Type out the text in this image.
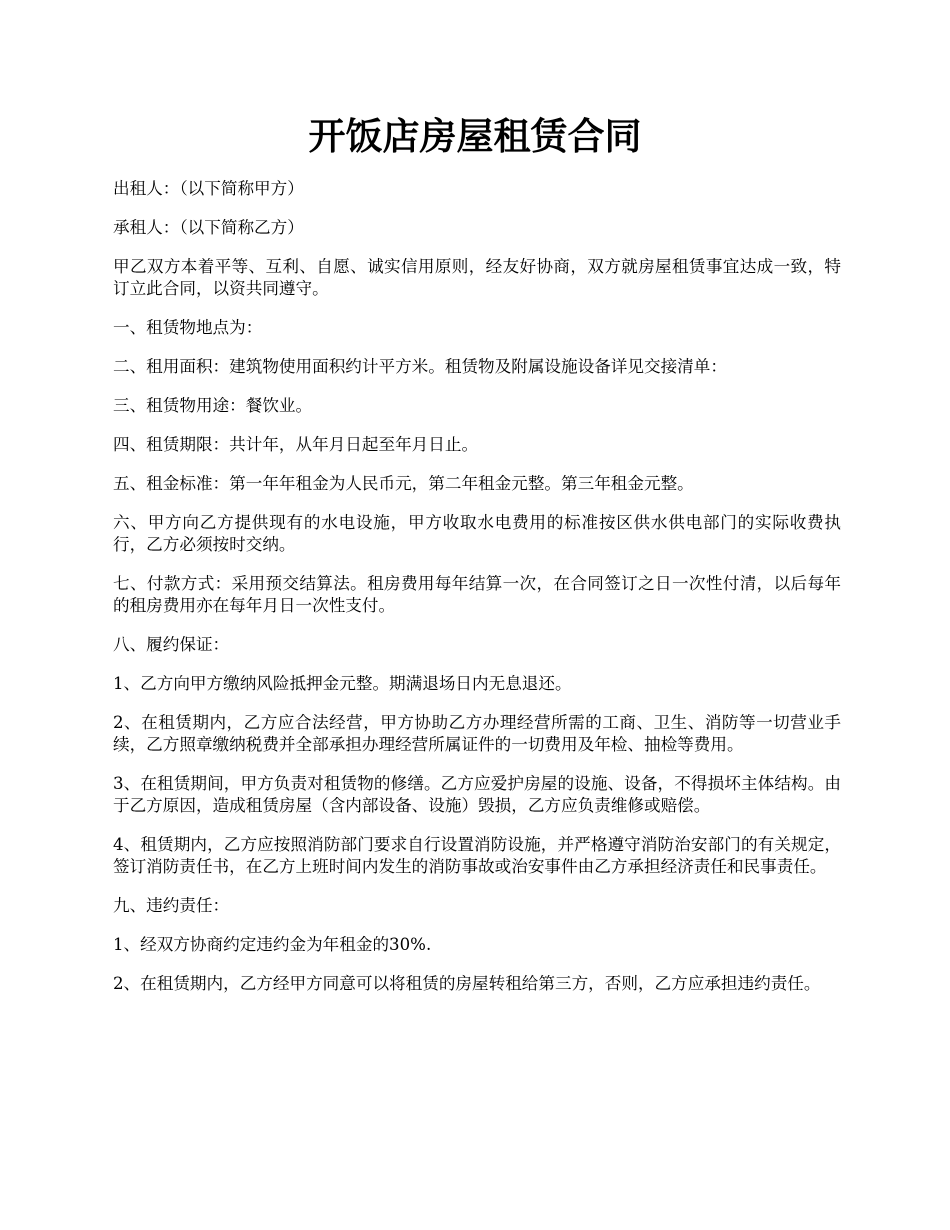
开饭店房屋租赁合同

出租人：（以下简称甲方）

承租人：（以下简称乙方）

甲乙双方本着平等、互利、自愿、诚实信用原则，经友好协商，双方就房屋租赁事宜达成一致，特订立此合同，以资共同遵守。

一、租赁物地点为：

二、租用面积：建筑物使用面积约计平方米。租赁物及附属设施设备详见交接清单：

三、租赁物用途：餐饮业。

四、租赁期限：共计年，从年月日起至年月日止。

五、租金标准：第一年年租金为人民币元，第二年租金元整。第三年租金元整。

六、甲方向乙方提供现有的水电设施，甲方收取水电费用的标准按区供水供电部门的实际收费执行，乙方必须按时交纳。

七、付款方式：采用预交结算法。租房费用每年结算一次，在合同签订之日一次性付清，以后每年的租房费用亦在每年月日一次性支付。

八、履约保证：

1、乙方向甲方缴纳风险抵押金元整。期满退场日内无息退还。

2、在租赁期内，乙方应合法经营，甲方协助乙方办理经营所需的工商、卫生、消防等一切营业手续，乙方照章缴纳税费并全部承担办理经营所属证件的一切费用及年检、抽检等费用。

3、在租赁期间，甲方负责对租赁物的修缮。乙方应爱护房屋的设施、设备，不得损坏主体结构。由于乙方原因，造成租赁房屋（含内部设备、设施）毁损，乙方应负责维修或赔偿。

4、租赁期内，乙方应按照消防部门要求自行设置消防设施，并严格遵守消防治安部门的有关规定，签订消防责任书，在乙方上班时间内发生的消防事故或治安事件由乙方承担经济责任和民事责任。

九、违约责任：

1、经双方协商约定违约金为年租金的30%.

2、在租赁期内，乙方经甲方同意可以将租赁的房屋转租给第三方，否则，乙方应承担违约责任。
